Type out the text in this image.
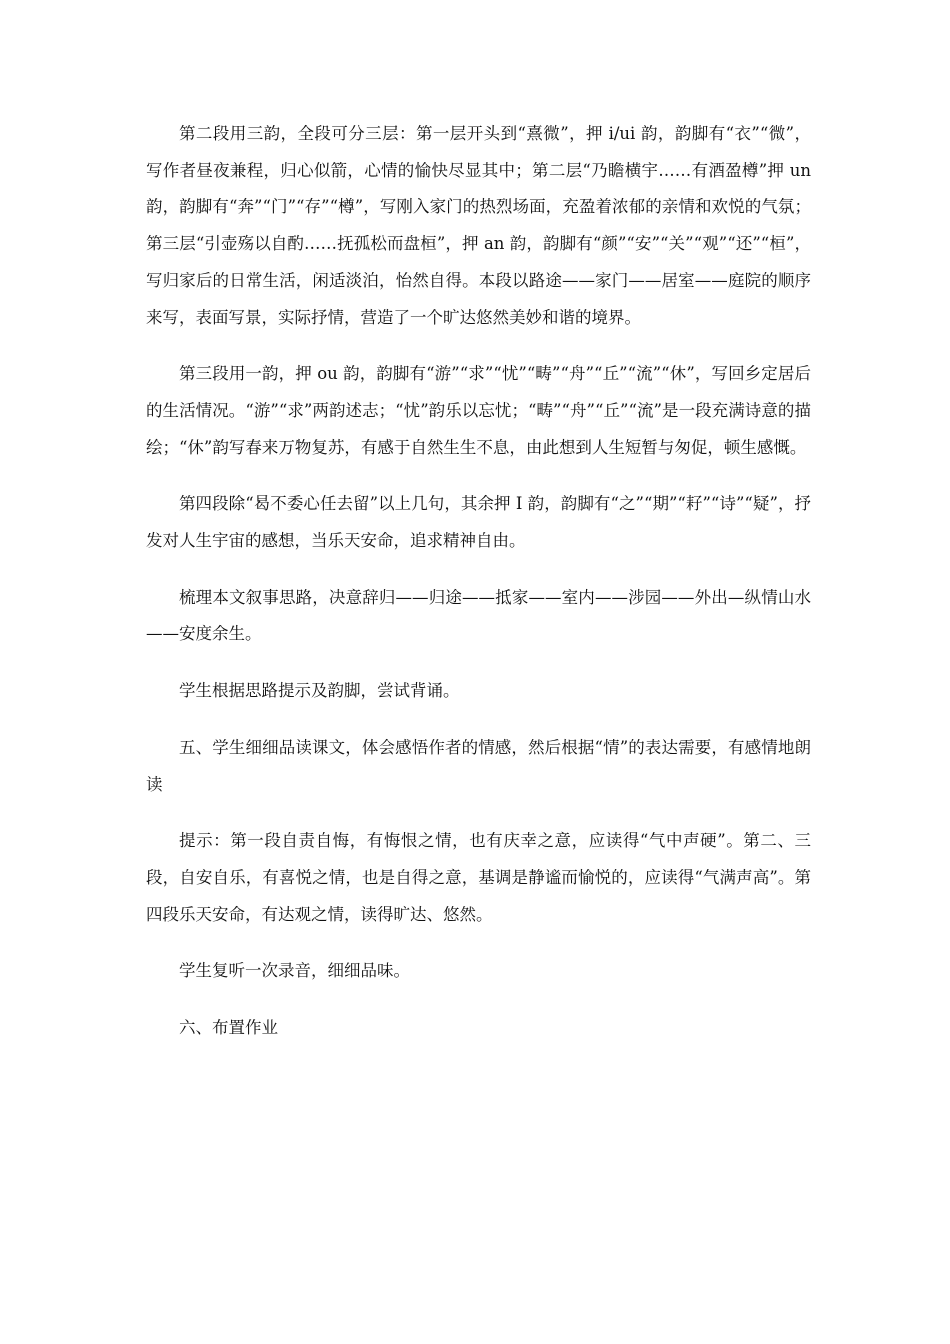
第二段用三韵，全段可分三层：第一层开头到“熹微”，押 i/ui 韵，韵脚有“衣”“微”，写作者昼夜兼程，归心似箭，心情的愉快尽显其中；第二层“乃瞻横宇……有酒盈樽”押 un 韵，韵脚有“奔”“门”“存”“樽”，写刚入家门的热烈场面，充盈着浓郁的亲情和欢悦的气氛；第三层“引壶殇以自酌……抚孤松而盘桓”，押 an 韵，韵脚有“颜”“安”“关”“观”“还”“桓”，写归家后的日常生活，闲适淡泊，怡然自得。本段以路途——家门——居室——庭院的顺序来写，表面写景，实际抒情，营造了一个旷达悠然美妙和谐的境界。

第三段用一韵，押 ou 韵，韵脚有“游”“求”“忧”“畴”“舟”“丘”“流”“休”，写回乡定居后的生活情况。“游”“求”两韵述志；“忧”韵乐以忘忧；“畴”“舟”“丘”“流”是一段充满诗意的描绘；“休”韵写春来万物复苏，有感于自然生生不息，由此想到人生短暂与匆促，顿生感慨。

第四段除“曷不委心任去留”以上几句，其余押 I 韵，韵脚有“之”“期”“耔”“诗”“疑”，抒发对人生宇宙的感想，当乐天安命，追求精神自由。

梳理本文叙事思路，决意辞归——归途——抵家——室内——涉园——外出—纵情山水——安度余生。

学生根据思路提示及韵脚，尝试背诵。

五、学生细细品读课文，体会感悟作者的情感，然后根据“情”的表达需要，有感情地朗读

提示：第一段自责自悔，有悔恨之情，也有庆幸之意，应读得“气中声硬”。第二、三段，自安自乐，有喜悦之情，也是自得之意，基调是静谧而愉悦的，应读得“气满声高”。第四段乐天安命，有达观之情，读得旷达、悠然。

学生复听一次录音，细细品味。

六、布置作业
